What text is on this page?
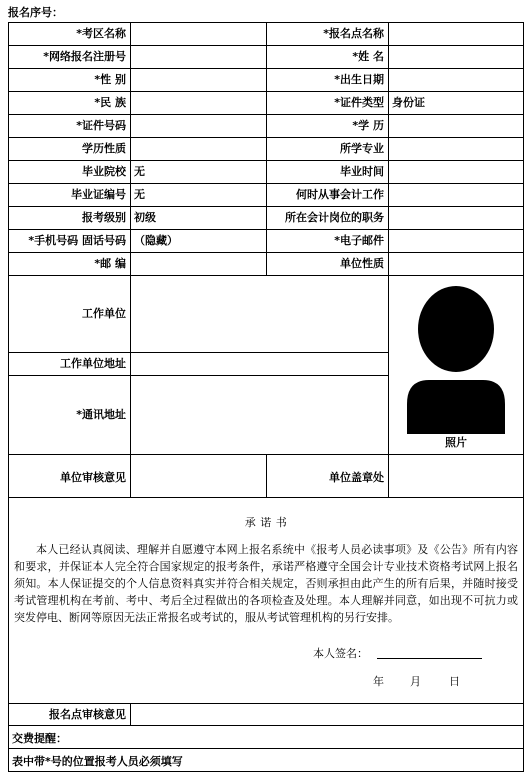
报名序号：
*考区名称	*报名点名称
*网络报名注册号	*姓 名
*性 别	*出生日期
*民 族	*证件类型 身份证
*证件号码	*学 历
学历性质	所学专业
毕业院校 无	毕业时间
毕业证编号 无	何时从事会计工作
报考级别 初级	所在会计岗位的职务
*手机号码 固话号码 （隐藏）	*电子邮件
*邮 编	单位性质
工作单位
工作单位地址
*通讯地址
照片
单位审核意见	单位盖章处
承 诺 书
本人已经认真阅读、理解并自愿遵守本网上报名系统中《报考人员必读事项》及《公告》所有内容和要求，并保证本人完全符合国家规定的报考条件，承诺严格遵守全国会计专业技术资格考试网上报名须知。本人保证提交的个人信息资料真实并符合相关规定，否则承担由此产生的所有后果，并随时接受考试管理机构在考前、考中、考后全过程做出的各项检查及处理。本人理解并同意，如出现不可抗力或突发停电、断网等原因无法正常报名或考试的，服从考试管理机构的另行安排。
本人签名：
年 月	日
报名点审核意见
交费提醒：
表中带*号的位置报考人员必须填写
